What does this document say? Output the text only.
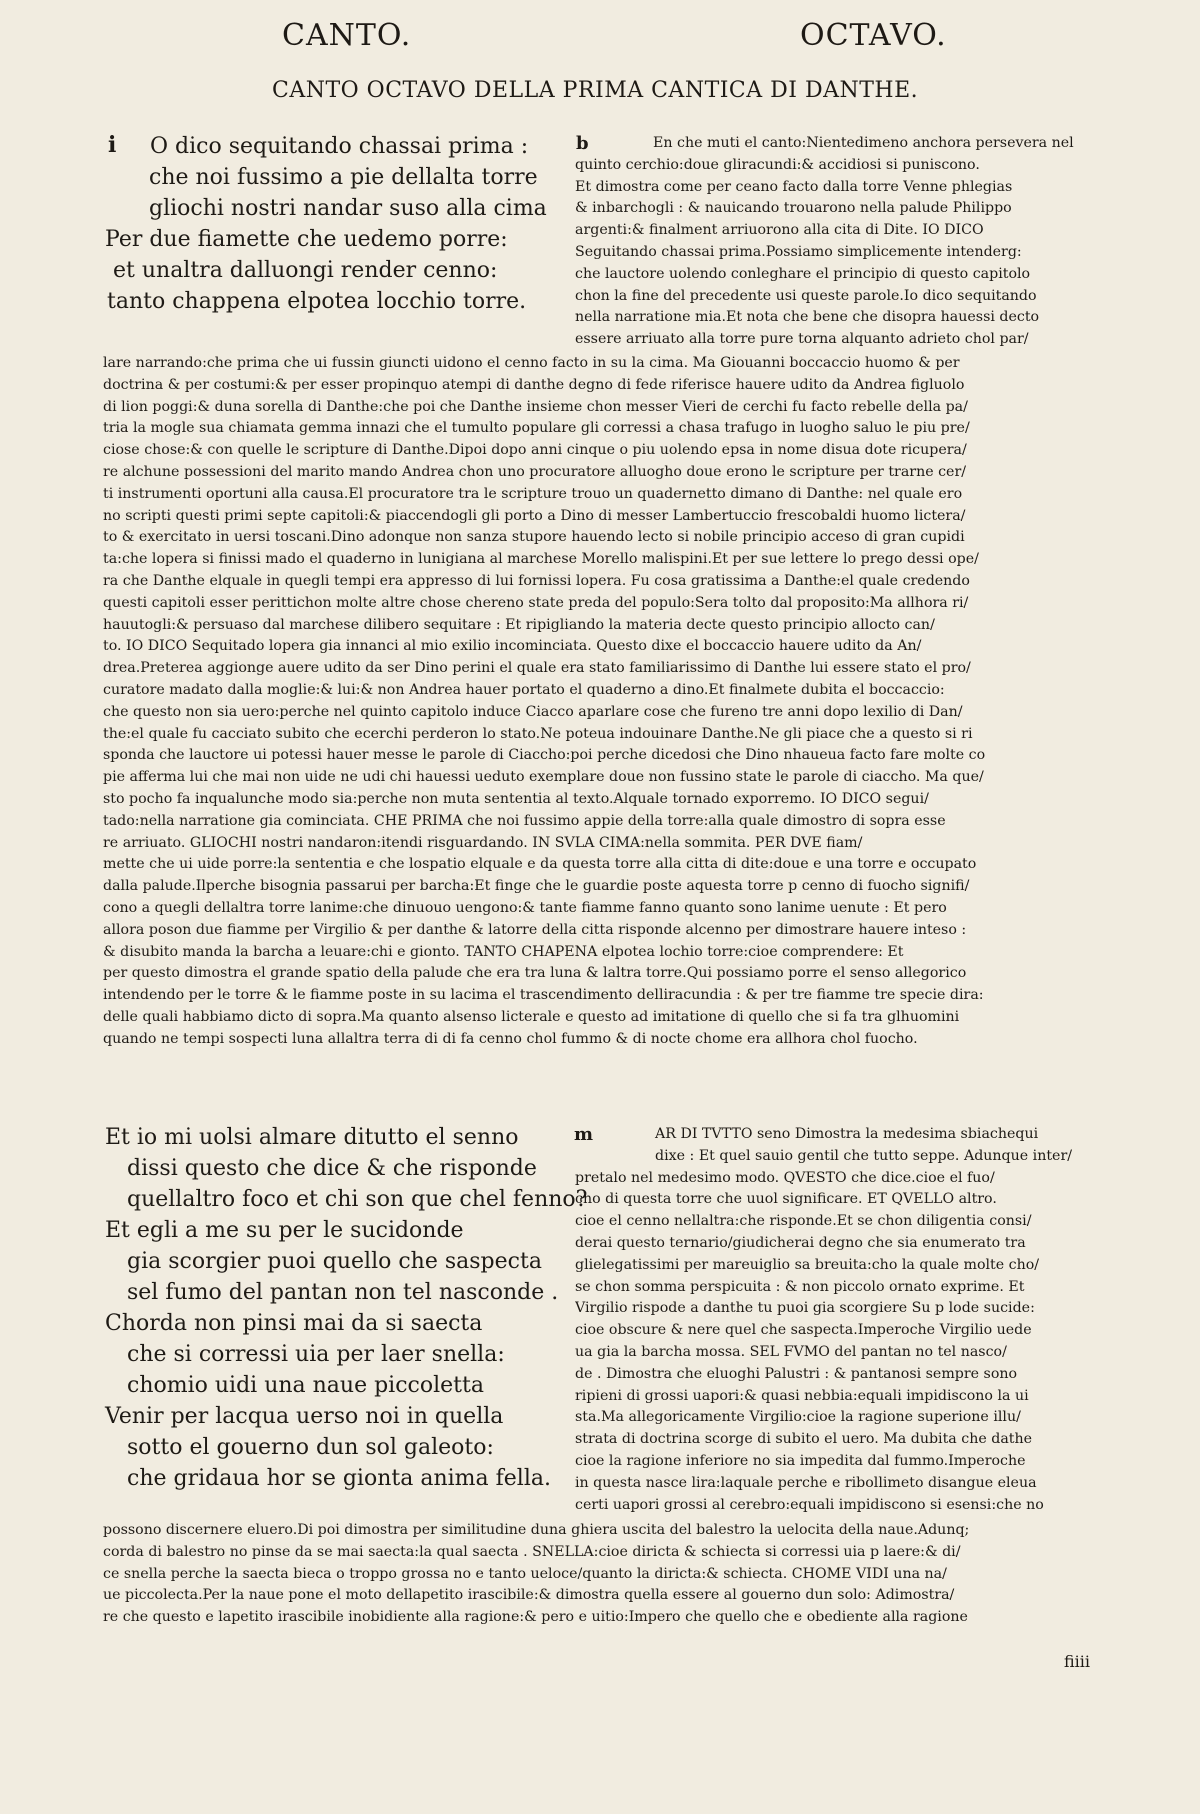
CANTO.	OCTAVO.
CANTO OCTAVO DELLA PRIMA CANTICA DI DANTHE.
i	O dico sequitando chassai prima :
che noi fussimo a pie dellalta torre
gliochi nostri nandar suso alla cima
Per due fiamette che uedemo porre:
et unaltra dalluongi render cenno:
tanto chappena elpotea locchio torre.
b	En che muti el canto:Nientedimeno anchora persevera nel
quinto cerchio:doue gliracundi:& accidiosi si puniscono.
Et dimostra come per ceano facto dalla torre Venne phlegias
& inbarchogli : & nauicando trouarono nella palude Philippo
argenti:& finalment arriuorono alla cita di Dite. IO DICO
Seguitando chassai prima.Possiamo simplicemente intenderg:
che lauctore uolendo conleghare el principio di questo capitolo
chon la fine del precedente usi queste parole.Io dico sequitando
nella narratione mia.Et nota che bene che disopra hauessi decto
essere arriuato alla torre pure torna alquanto adrieto chol par/
lare narrando:che prima che ui fussin giuncti uidono el cenno facto in su la cima. Ma Giouanni boccaccio huomo & per
doctrina & per costumi:& per esser propinquo atempi di danthe degno di fede riferisce hauere udito da Andrea figluolo
di lion poggi:& duna sorella di Danthe:che poi che Danthe insieme chon messer Vieri de cerchi fu facto rebelle della pa/
tria la mogle sua chiamata gemma innazi che el tumulto populare gli corressi a chasa trafugo in luogho saluo le piu pre/
ciose chose:& con quelle le scripture di Danthe.Dipoi dopo anni cinque o piu uolendo epsa in nome disua dote ricupera/
re alchune possessioni del marito mando Andrea chon uno procuratore alluogho doue erono le scripture per trarne cer/
ti instrumenti oportuni alla causa.El procuratore tra le scripture trouo un quadernetto dimano di Danthe: nel quale ero
no scripti questi primi septe capitoli:& piaccendogli gli porto a Dino di messer Lambertuccio frescobaldi huomo lictera/
to & exercitato in uersi toscani.Dino adonque non sanza stupore hauendo lecto si nobile principio acceso di gran cupidi
ta:che lopera si finissi mado el quaderno in lunigiana al marchese Morello malispini.Et per sue lettere lo prego dessi ope/
ra che Danthe elquale in quegli tempi era appresso di lui fornissi lopera. Fu cosa gratissima a Danthe:el quale credendo
questi capitoli esser perittichon molte altre chose chereno state preda del populo:Sera tolto dal proposito:Ma allhora ri/
hauutogli:& persuaso dal marchese dilibero sequitare : Et ripigliando la materia decte questo principio allocto can/
to. IO DICO Sequitado lopera gia innanci al mio exilio incominciata. Questo dixe el boccaccio hauere udito da An/
drea.Preterea aggionge auere udito da ser Dino perini el quale era stato familiarissimo di Danthe lui essere stato el pro/
curatore madato dalla moglie:& lui:& non Andrea hauer portato el quaderno a dino.Et finalmete dubita el boccaccio:
che questo non sia uero:perche nel quinto capitolo induce Ciacco aparlare cose che fureno tre anni dopo lexilio di Dan/
the:el quale fu cacciato subito che ecerchi perderon lo stato.Ne poteua indouinare Danthe.Ne gli piace che a questo si ri
sponda che lauctore ui potessi hauer messe le parole di Ciaccho:poi perche dicedosi che Dino nhaueua facto fare molte co
pie afferma lui che mai non uide ne udi chi hauessi ueduto exemplare doue non fussino state le parole di ciaccho. Ma que/
sto pocho fa inqualunche modo sia:perche non muta sententia al texto.Alquale tornado exporremo. IO DICO segui/
tado:nella narratione gia cominciata. CHE PRIMA che noi fussimo appie della torre:alla quale dimostro di sopra esse
re arriuato. GLIOCHI nostri nandaron:itendi risguardando. IN SVLA CIMA:nella sommita. PER DVE fiam/
mette che ui uide porre:la sententia e che lospatio elquale e da questa torre alla citta di dite:doue e una torre e occupato
dalla palude.Ilperche bisognia passarui per barcha:Et finge che le guardie poste aquesta torre p cenno di fuocho signifi/
cono a quegli dellaltra torre lanime:che dinuouo uengono:& tante fiamme fanno quanto sono lanime uenute : Et pero
allora poson due fiamme per Virgilio & per danthe & latorre della citta risponde alcenno per dimostrare hauere inteso :
& disubito manda la barcha a leuare:chi e gionto. TANTO CHAPENA elpotea lochio torre:cioe comprendere: Et
per questo dimostra el grande spatio della palude che era tra luna & laltra torre.Qui possiamo porre el senso allegorico
intendendo per le torre & le fiamme poste in su lacima el trascendimento delliracundia : & per tre fiamme tre specie dira:
delle quali habbiamo dicto di sopra.Ma quanto alsenso licterale e questo ad imitatione di quello che si fa tra glhuomini
quando ne tempi sospecti luna allaltra terra di di fa cenno chol fummo & di nocte chome era allhora chol fuocho.
Et io mi uolsi almare ditutto el senno
dissi questo che dice & che risponde
quellaltro foco et chi son que chel fenno?
Et egli a me su per le sucidonde
gia scorgier puoi quello che saspecta
sel fumo del pantan non tel nasconde .
Chorda non pinsi mai da si saecta
che si corressi uia per laer snella:
chomio uidi una naue piccoletta
Venir per lacqua uerso noi in quella
sotto el gouerno dun sol galeoto:
che gridaua hor se gionta anima fella.
m	AR DI TVTTO seno Dimostra la medesima sbiachequi
dixe : Et quel sauio gentil che tutto seppe. Adunque inter/
pretalo nel medesimo modo. QVESTO che dice.cioe el fuo/
cho di questa torre che uuol significare. ET QVELLO altro.
cioe el cenno nellaltra:che risponde.Et se chon diligentia consi/
derai questo ternario/giudicherai degno che sia enumerato tra
glielegatissimi per mareuiglio sa breuita:cho la quale molte cho/
se chon somma perspicuita : & non piccolo ornato exprime. Et
Virgilio rispode a danthe tu puoi gia scorgiere Su p lode sucide:
cioe obscure & nere quel che saspecta.Imperoche Virgilio uede
ua gia la barcha mossa. SEL FVMO del pantan no tel nasco/
de . Dimostra che eluoghi Palustri : & pantanosi sempre sono
ripieni di grossi uapori:& quasi nebbia:equali impidiscono la ui
sta.Ma allegoricamente Virgilio:cioe la ragione superione illu/
strata di doctrina scorge di subito el uero. Ma dubita che dathe
cioe la ragione inferiore no sia impedita dal fummo.Imperoche
in questa nasce lira:laquale perche e ribollimeto disangue eleua
certi uapori grossi al cerebro:equali impidiscono si esensi:che no
possono discernere eluero.Di poi dimostra per similitudine duna ghiera uscita del balestro la uelocita della naue.Adunq;
corda di balestro no pinse da se mai saecta:la qual saecta . SNELLA:cioe diricta & schiecta si corressi uia p laere:& di/
ce snella perche la saecta bieca o troppo grossa no e tanto ueloce/quanto la diricta:& schiecta. CHOME VIDI una na/
ue piccolecta.Per la naue pone el moto dellapetito irascibile:& dimostra quella essere al gouerno dun solo: Adimostra/
re che questo e lapetito irascibile inobidiente alla ragione:& pero e uitio:Impero che quello che e obediente alla ragione
fiiii
